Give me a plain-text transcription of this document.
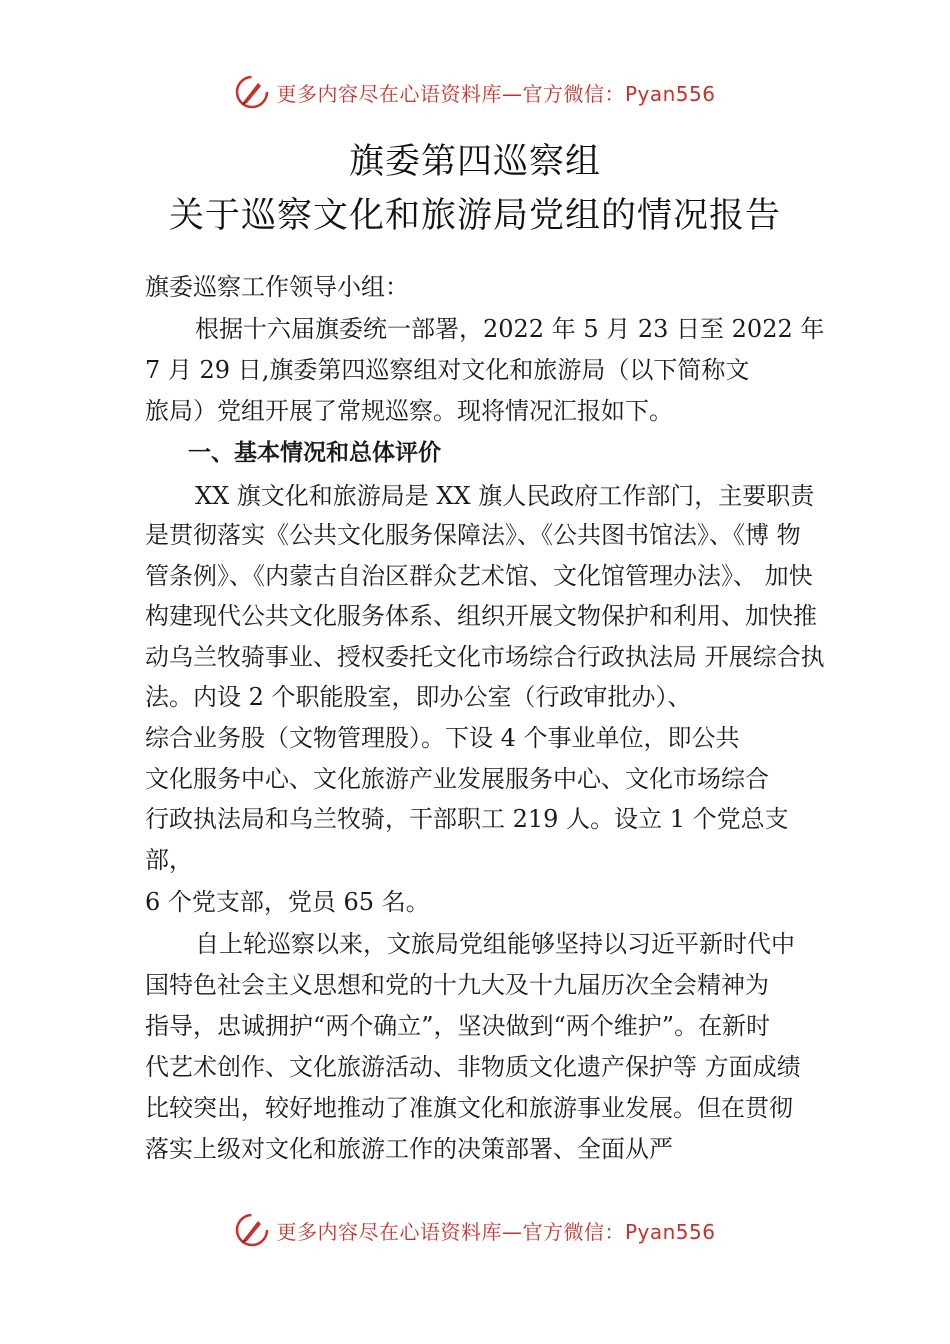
更多内容尽在心语资料库—官方微信：Pyan556
旗委第四巡察组
关于巡察文化和旅游局党组的情况报告
旗委巡察工作领导小组：
根据十六届旗委统一部署，2022 年 5 月 23 日至 2022 年
7 月 29 日,旗委第四巡察组对文化和旅游局（以下简称文
旅局）党组开展了常规巡察。现将情况汇报如下。
一、基本情况和总体评价
XX 旗文化和旅游局是 XX 旗人民政府工作部门，主要职责
是贯彻落实《公共文化服务保障法》、《公共图书馆法》、《博 物
管条例》、《内蒙古自治区群众艺术馆、文化馆管理办法》、 加快
构建现代公共文化服务体系、组织开展文物保护和利用、加快推
动乌兰牧骑事业、授权委托文化市场综合行政执法局 开展综合执
法。内设 2 个职能股室，即办公室（行政审批办）、
综合业务股（文物管理股）。下设 4 个事业单位，即公共
文化服务中心、文化旅游产业发展服务中心、文化市场综合
行政执法局和乌兰牧骑，干部职工 219 人。设立 1 个党总支
部，
6 个党支部，党员 65 名。
自上轮巡察以来，文旅局党组能够坚持以习近平新时代中
国特色社会主义思想和党的十九大及十九届历次全会精神为
指导，忠诚拥护“两个确立”，坚决做到“两个维护”。在新时
代艺术创作、文化旅游活动、非物质文化遗产保护等 方面成绩
比较突出，较好地推动了准旗文化和旅游事业发展。但在贯彻
落实上级对文化和旅游工作的决策部署、全面从严
更多内容尽在心语资料库—官方微信：Pyan556
